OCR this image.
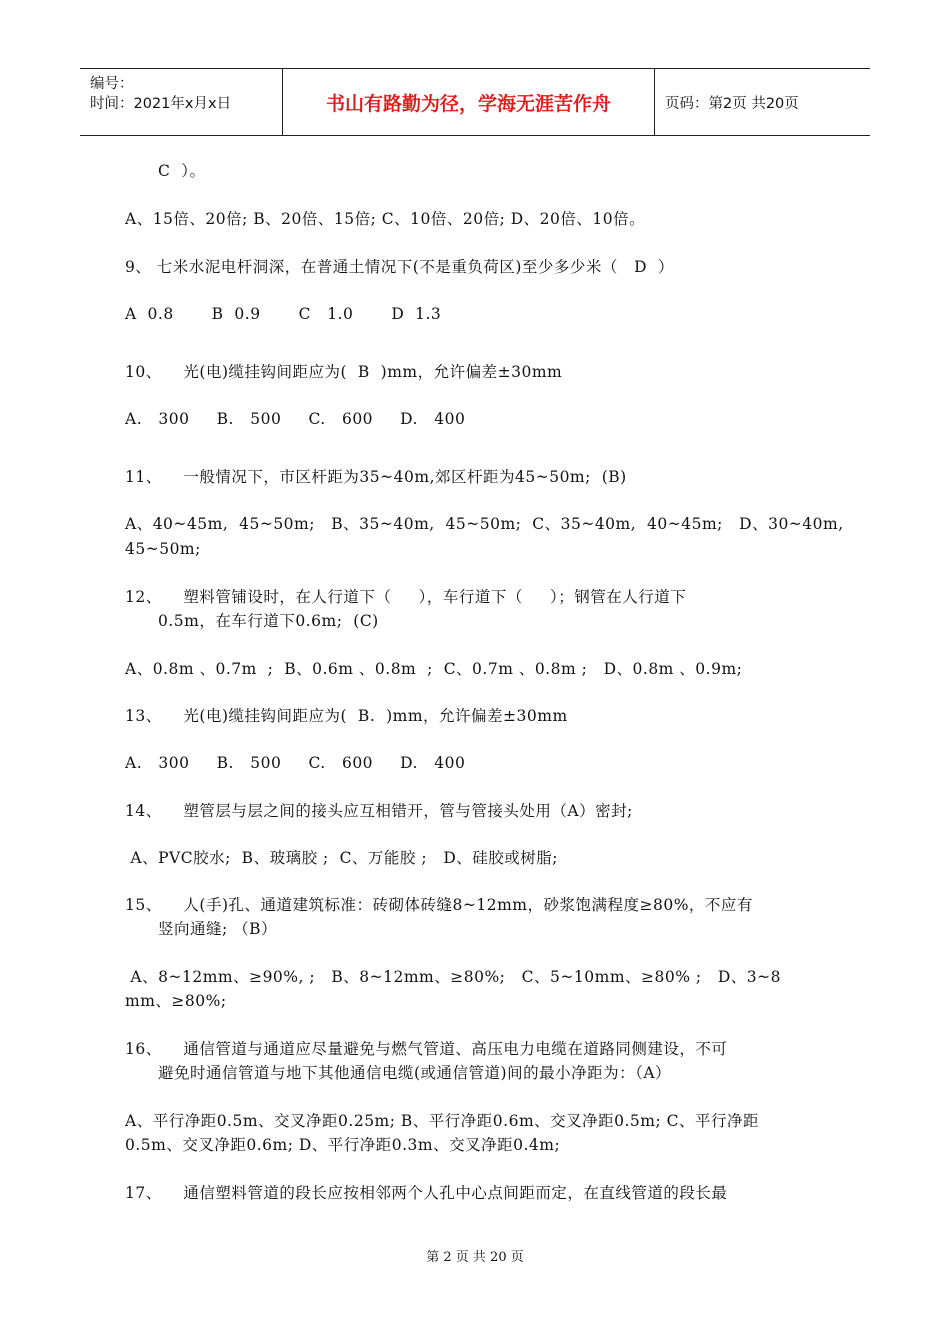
编号：
时间：2021年x月x日	书山有路勤为径，学海无涯苦作舟	页码：第2页 共20页

C  ）。

A、15倍、20倍; B、20倍、15倍; C、10倍、20倍; D、20倍、10倍。

9、 七米水泥电杆洞深，在普通土情况下(不是重负荷区)至少多少米（   D  ）

A  0.8       B  0.9       C   1.0       D  1.3

10、    光(电)缆挂钩间距应为(  B  )mm，允许偏差±30mm

A.   300     B.   500     C.   600     D.   400

11、    一般情况下，市区杆距为35~40m,郊区杆距为45~50m;  (B)

A、40~45m,  45~50m;   B、35~40m,  45~50m;  C、35~40m,  40~45m;   D、30~40m,

45~50m;

12、    塑料管铺设时，在人行道下（     ），车行道下（     ）；钢管在人行道下

0.5m，在车行道下0.6m;  (C)

A、0.8m 、0.7m  ;  B、0.6m 、0.8m  ;  C、0.7m 、0.8m ;   D、0.8m 、0.9m;

13、    光(电)缆挂钩间距应为(  B.  )mm，允许偏差±30mm

A.   300     B.   500     C.   600     D.   400

14、    塑管层与层之间的接头应互相错开，管与管接头处用（A）密封;

A、PVC胶水;  B、玻璃胶 ;  C、万能胶 ;   D、硅胶或树脂;

15、    人(手)孔、通道建筑标准：砖砌体砖缝8~12mm，砂浆饱满程度≥80%，不应有

竖向通缝; （B）

A、8~12mm、≥90%, ;   B、8~12mm、≥80%;   C、5~10mm、≥80% ;   D、3~8

mm、≥80%;

16、    通信管道与通道应尽量避免与燃气管道、高压电力电缆在道路同侧建设，不可

避免时通信管道与地下其他通信电缆(或通信管道)间的最小净距为：（A）

A、平行净距0.5m、交叉净距0.25m; B、平行净距0.6m、交叉净距0.5m; C、平行净距

0.5m、交叉净距0.6m; D、平行净距0.3m、交叉净距0.4m;

17、    通信塑料管道的段长应按相邻两个人孔中心点间距而定，在直线管道的段长最

第 2 页 共 20 页
